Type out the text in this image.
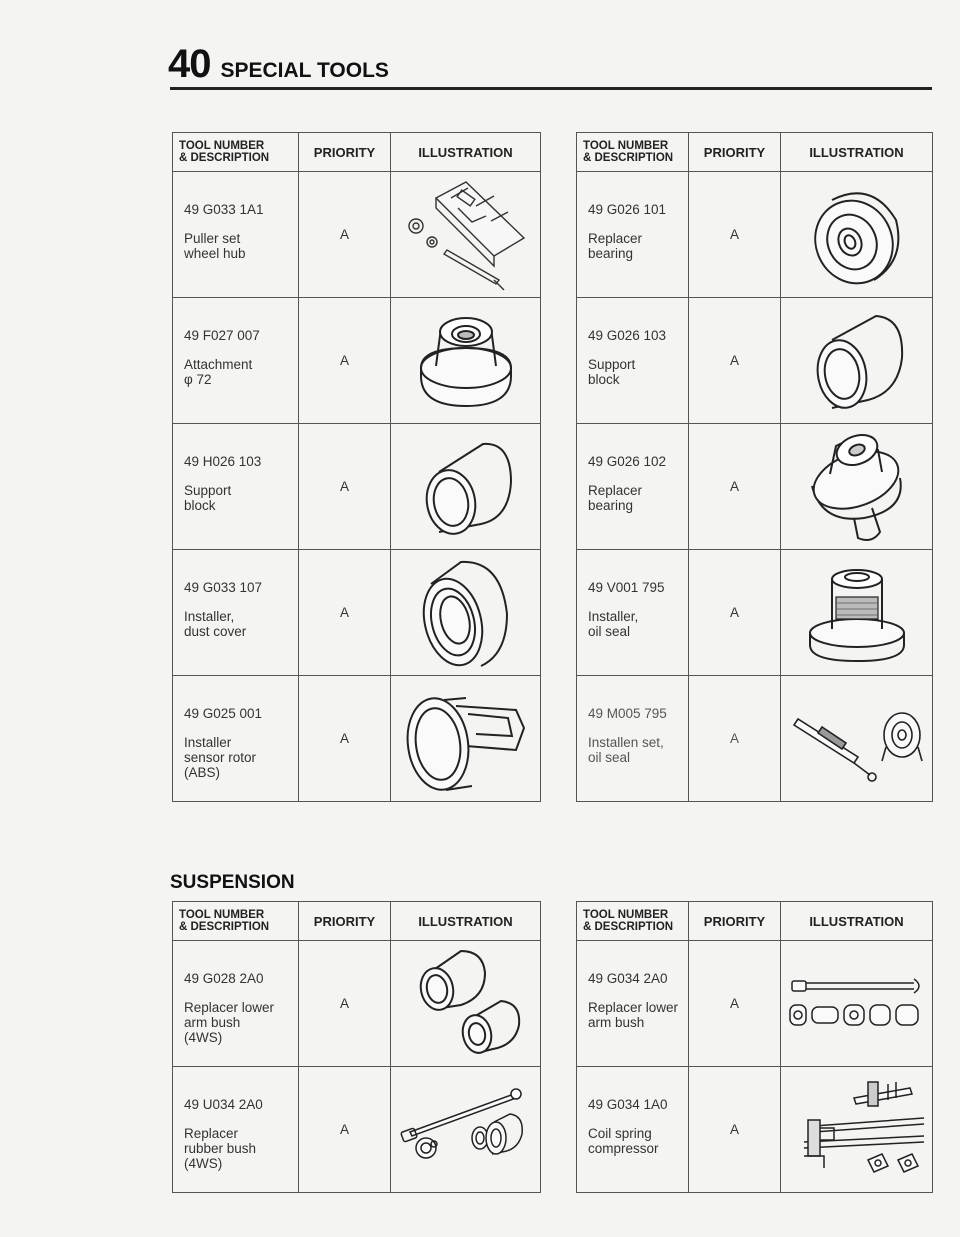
40 SPECIAL TOOLS
TOOL NUMBER
& DESCRIPTION	PRIORITY	ILLUSTRATION

49 G033 1A1
Puller set
wheel hub	A	

49 F027 007
Attachment
φ 72	A	

49 H026 103
Support
block	A	

49 G033 107
Installer,
dust cover	A	

49 G025 001
Installer
sensor rotor
(ABS)	A	
TOOL NUMBER
& DESCRIPTION	PRIORITY	ILLUSTRATION

49 G026 101
Replacer
bearing	A	

49 G026 103
Support
block	A	

49 G026 102
Replacer
bearing	A	

49 V001 795
Installer,
oil seal	A	

49 M005 795
Installen set,
oil seal	A	
SUSPENSION
TOOL NUMBER
& DESCRIPTION	PRIORITY	ILLUSTRATION

49 G028 2A0
Replacer lower
arm bush
(4WS)	A	

49 U034 2A0
Replacer
rubber bush
(4WS)	A	
TOOL NUMBER
& DESCRIPTION	PRIORITY	ILLUSTRATION

49 G034 2A0
Replacer lower
arm bush	A	

49 G034 1A0
Coil spring
compressor	A	
